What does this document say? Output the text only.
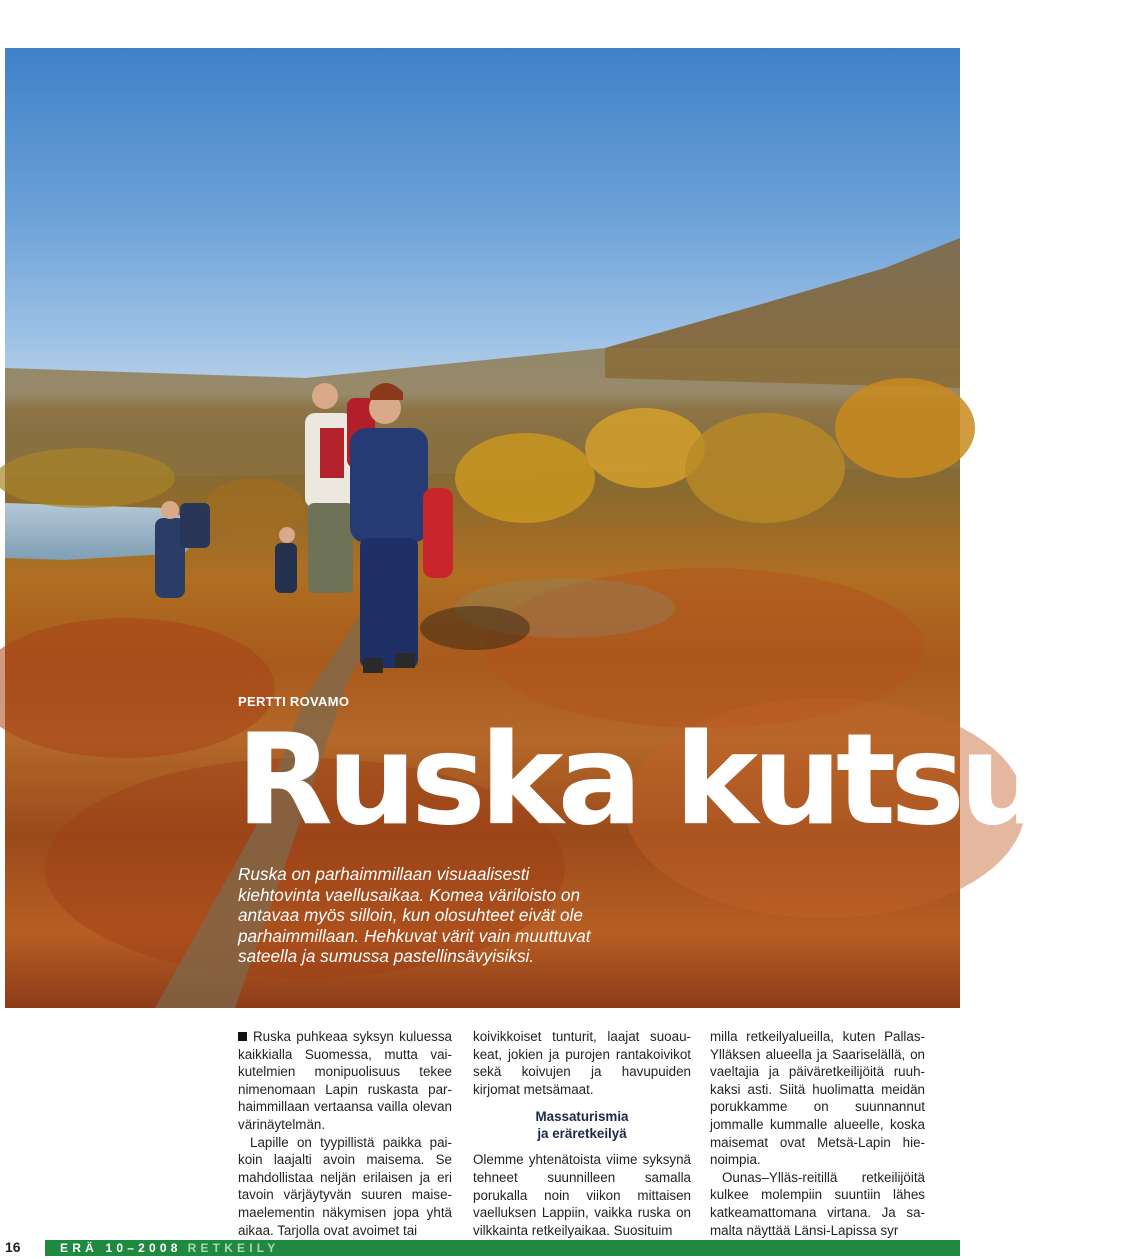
PERTTI ROVAMO

Ruska kutsuu

Ruska on parhaimmillaan visuaalisesti
kiehtovinta vaellusaikaa. Komea väriloisto on
antavaa myös silloin, kun olosuhteet eivät ole
parhaimmillaan. Hehkuvat värit vain muuttuvat
sateella ja sumussa pastellinsävyisiksi.

Ruska puhkeaa syksyn kuluessa kaikkialla Suomessa, mutta vaikutelmien monipuolisuus tekee nimenomaan Lapin ruskasta parhaimmillaan vertaansa vailla olevan värinäytelmän.

Lapille on tyypillistä paikka paikoin laajalti avoin maisema. Se mahdollistaa neljän erilaisen ja eri tavoin värjäytyvän suuren maisemaelementin näkymisen jopa yhtä aikaa. Tarjolla ovat avoimet tai

koivikkoiset tunturit, laajat suoaukeat, jokien ja purojen rantakoivikot sekä koivujen ja havupuiden kirjomat metsämaat.

Massaturismia
ja eräretkeilyä

Olemme yhtenätoista viime syksynä tehneet suunnilleen samalla porukalla noin viikon mittaisen vaelluksen Lappiin, vaikka ruska on vilkkainta retkeilyaikaa. Suosituim

milla retkeilyalueilla, kuten Pallas-Ylläksen alueella ja Saariselällä, on vaeltajia ja päiväretkeilijöitä ruuhkaksi asti. Siitä huolimatta meidän porukkamme on suunnannut jommalle kummalle alueelle, koska maisemat ovat Metsä-Lapin hienoimpia.

Ounas–Ylläs-reitillä retkeilijöitä kulkee molempiin suuntiin lähes katkeamattomana virtana. Ja samalta näyttää Länsi-Lapissa syr

16	ERÄ 10–2008 RETKEILY
